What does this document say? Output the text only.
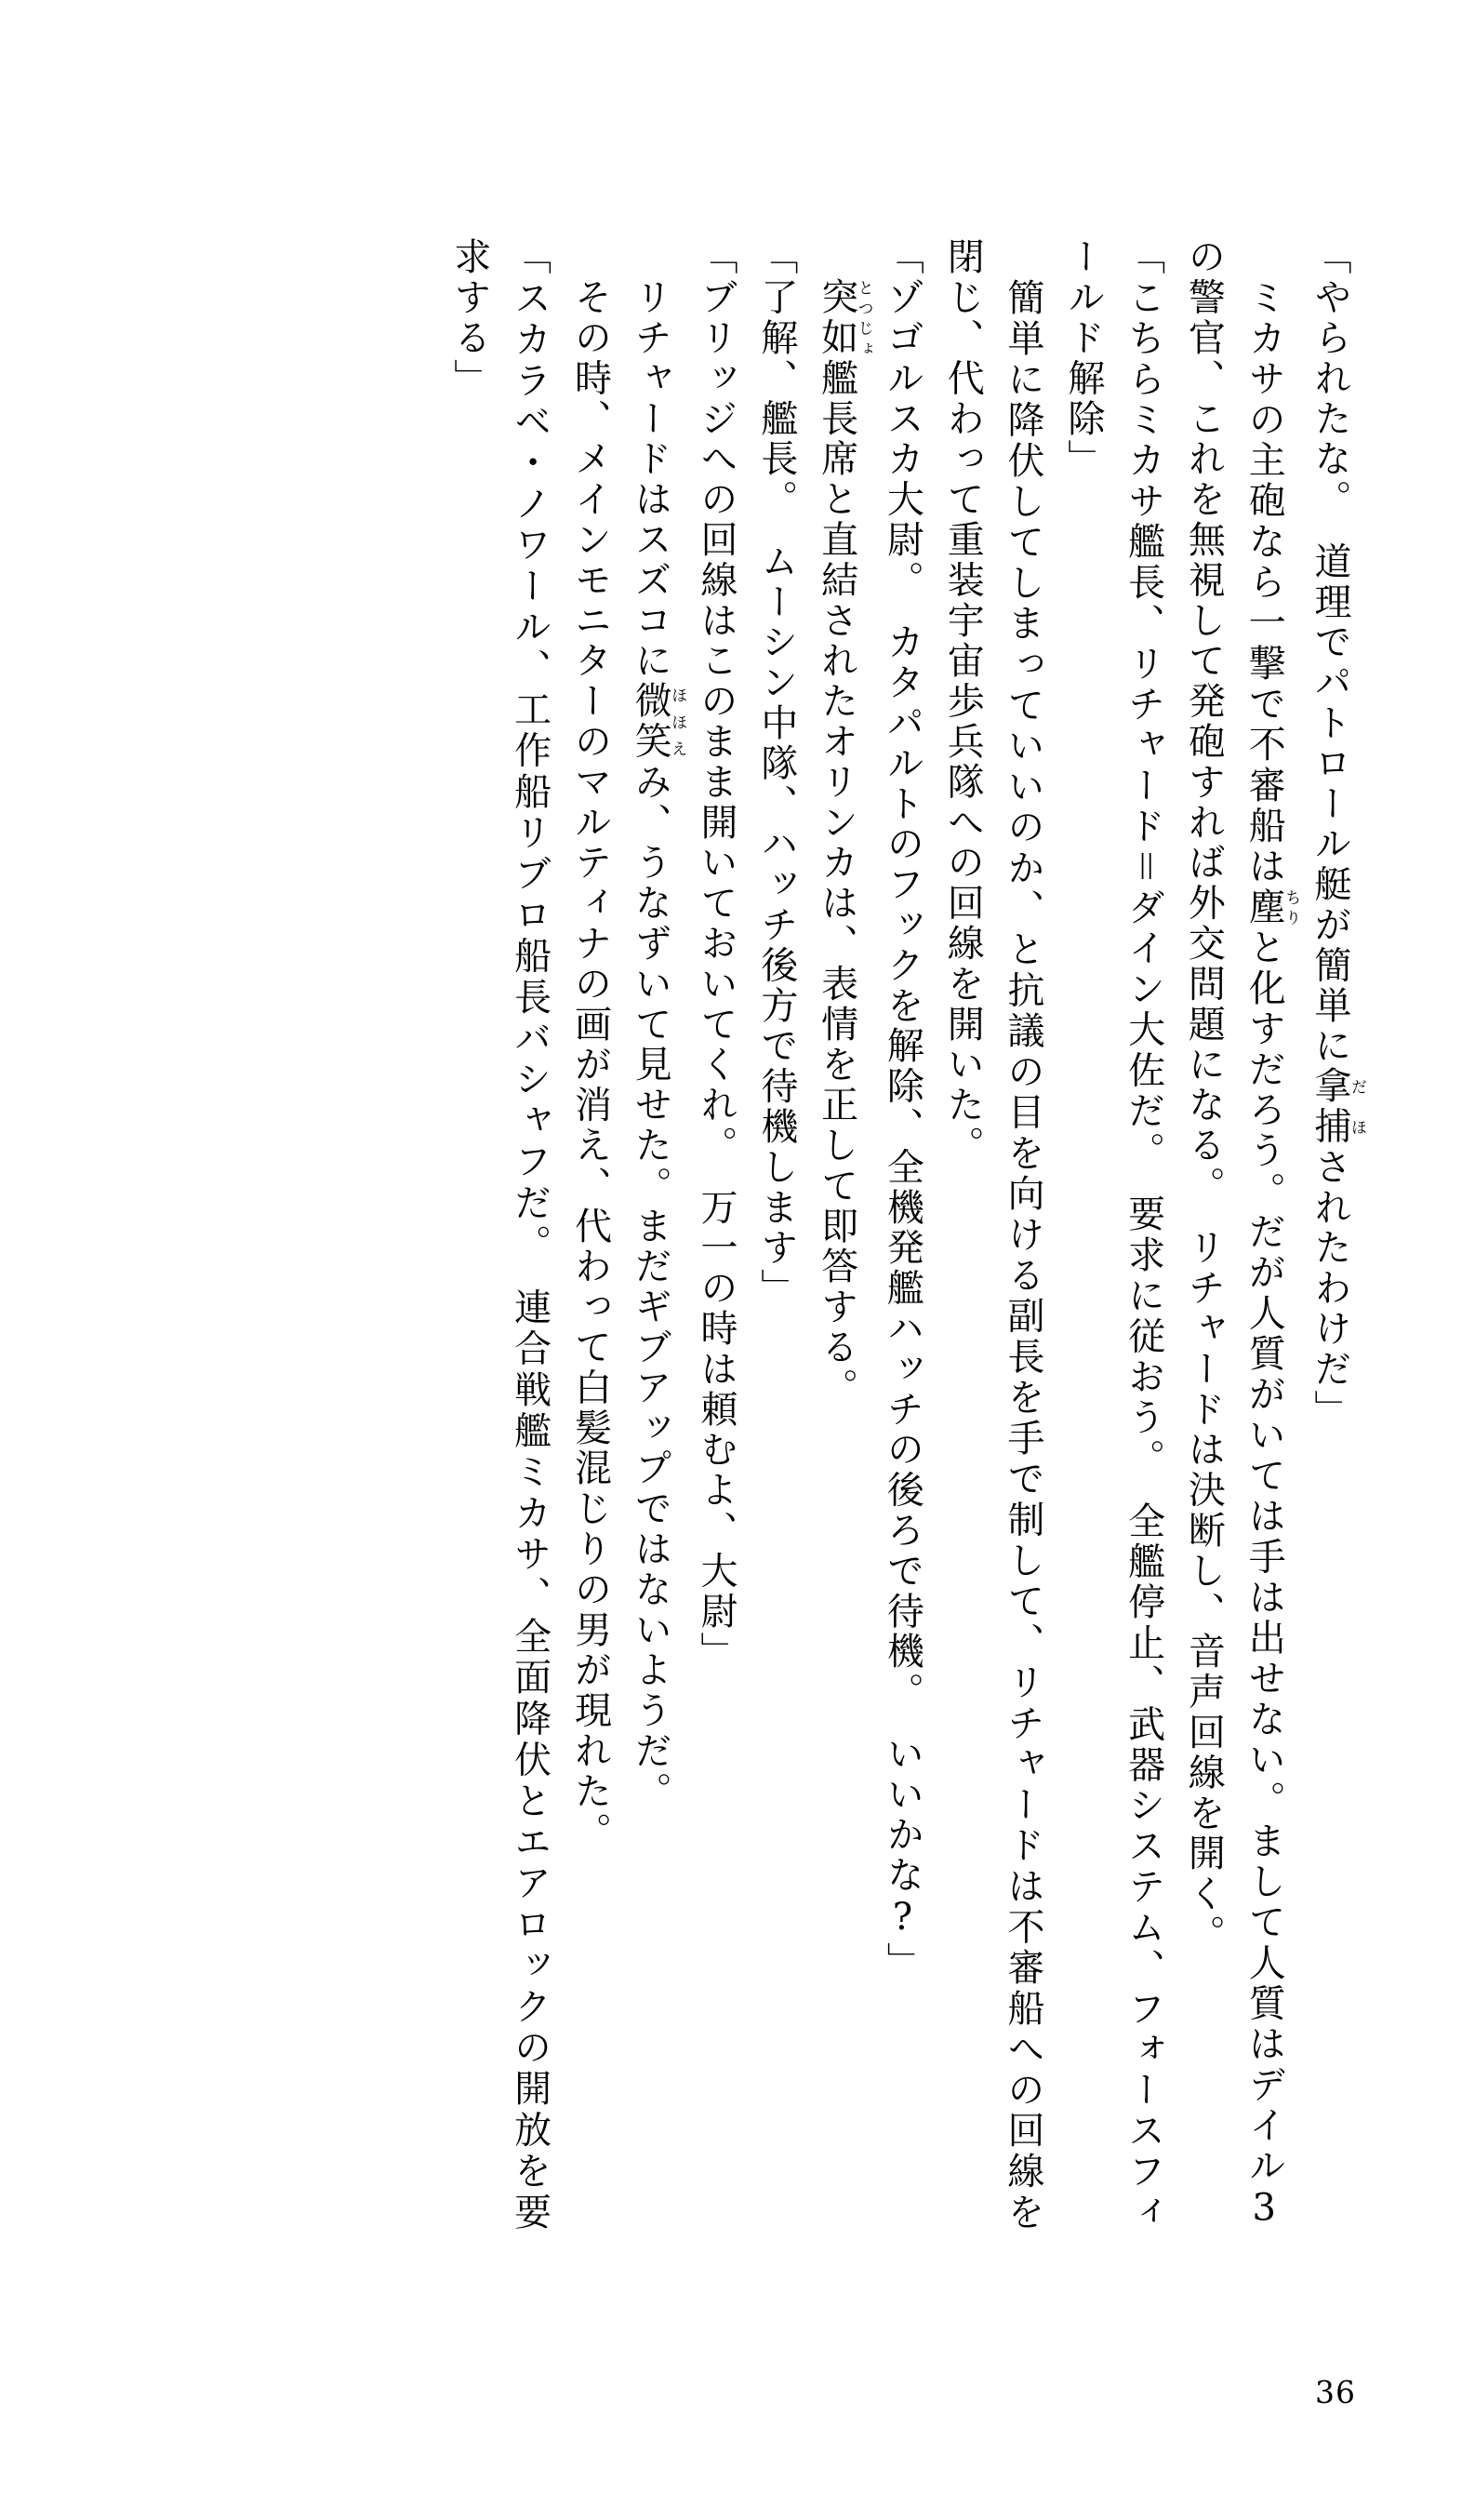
「やられたな。　道理でパトロール艇が簡単に拿捕だほされたわけだ」

　ミカサの主砲なら一撃で不審船は塵ちりと化すだろう。だが人質がいては手は出せない。まして人質はデイル3の警官、これを無視して発砲すれば外交問題になる。　リチャードは決断し、音声回線を開く。

「こちらミカサ艦長、リチャード＝ダイン大佐だ。　要求に従おう。　全艦停止、武器システム、フォースフィールド解除」

　簡単に降伏してしまっていいのか、と抗議の目を向ける副長を手で制して、リチャードは不審船への回線を閉じ、代わって重装宇宙歩兵隊への回線を開いた。

「ゾゴルスカ大尉。　カタパルトのフックを解除、全機発艦ハッチの後ろで待機。　いいかな?」

　突如とつじょ艦長席と直結されたオリンカは、表情を正して即答する。

「了解、艦長。　ムーシン中隊、ハッチ後方で待機します」

「ブリッジへの回線はこのまま開いておいてくれ。　万一の時は頼むよ、大尉」

　リチャードはスズコに微笑ほほえみ、うなずいて見せた。まだギブアップではないようだ。

　その時、メインモニターのマルティナの画が消え、代わって白髪混じりの男が現れた。

「スカラベ・ノワール、工作船リブロ船長バシャフだ。　連合戦艦ミカサ、全面降伏とエアロックの開放を要求する」

36
